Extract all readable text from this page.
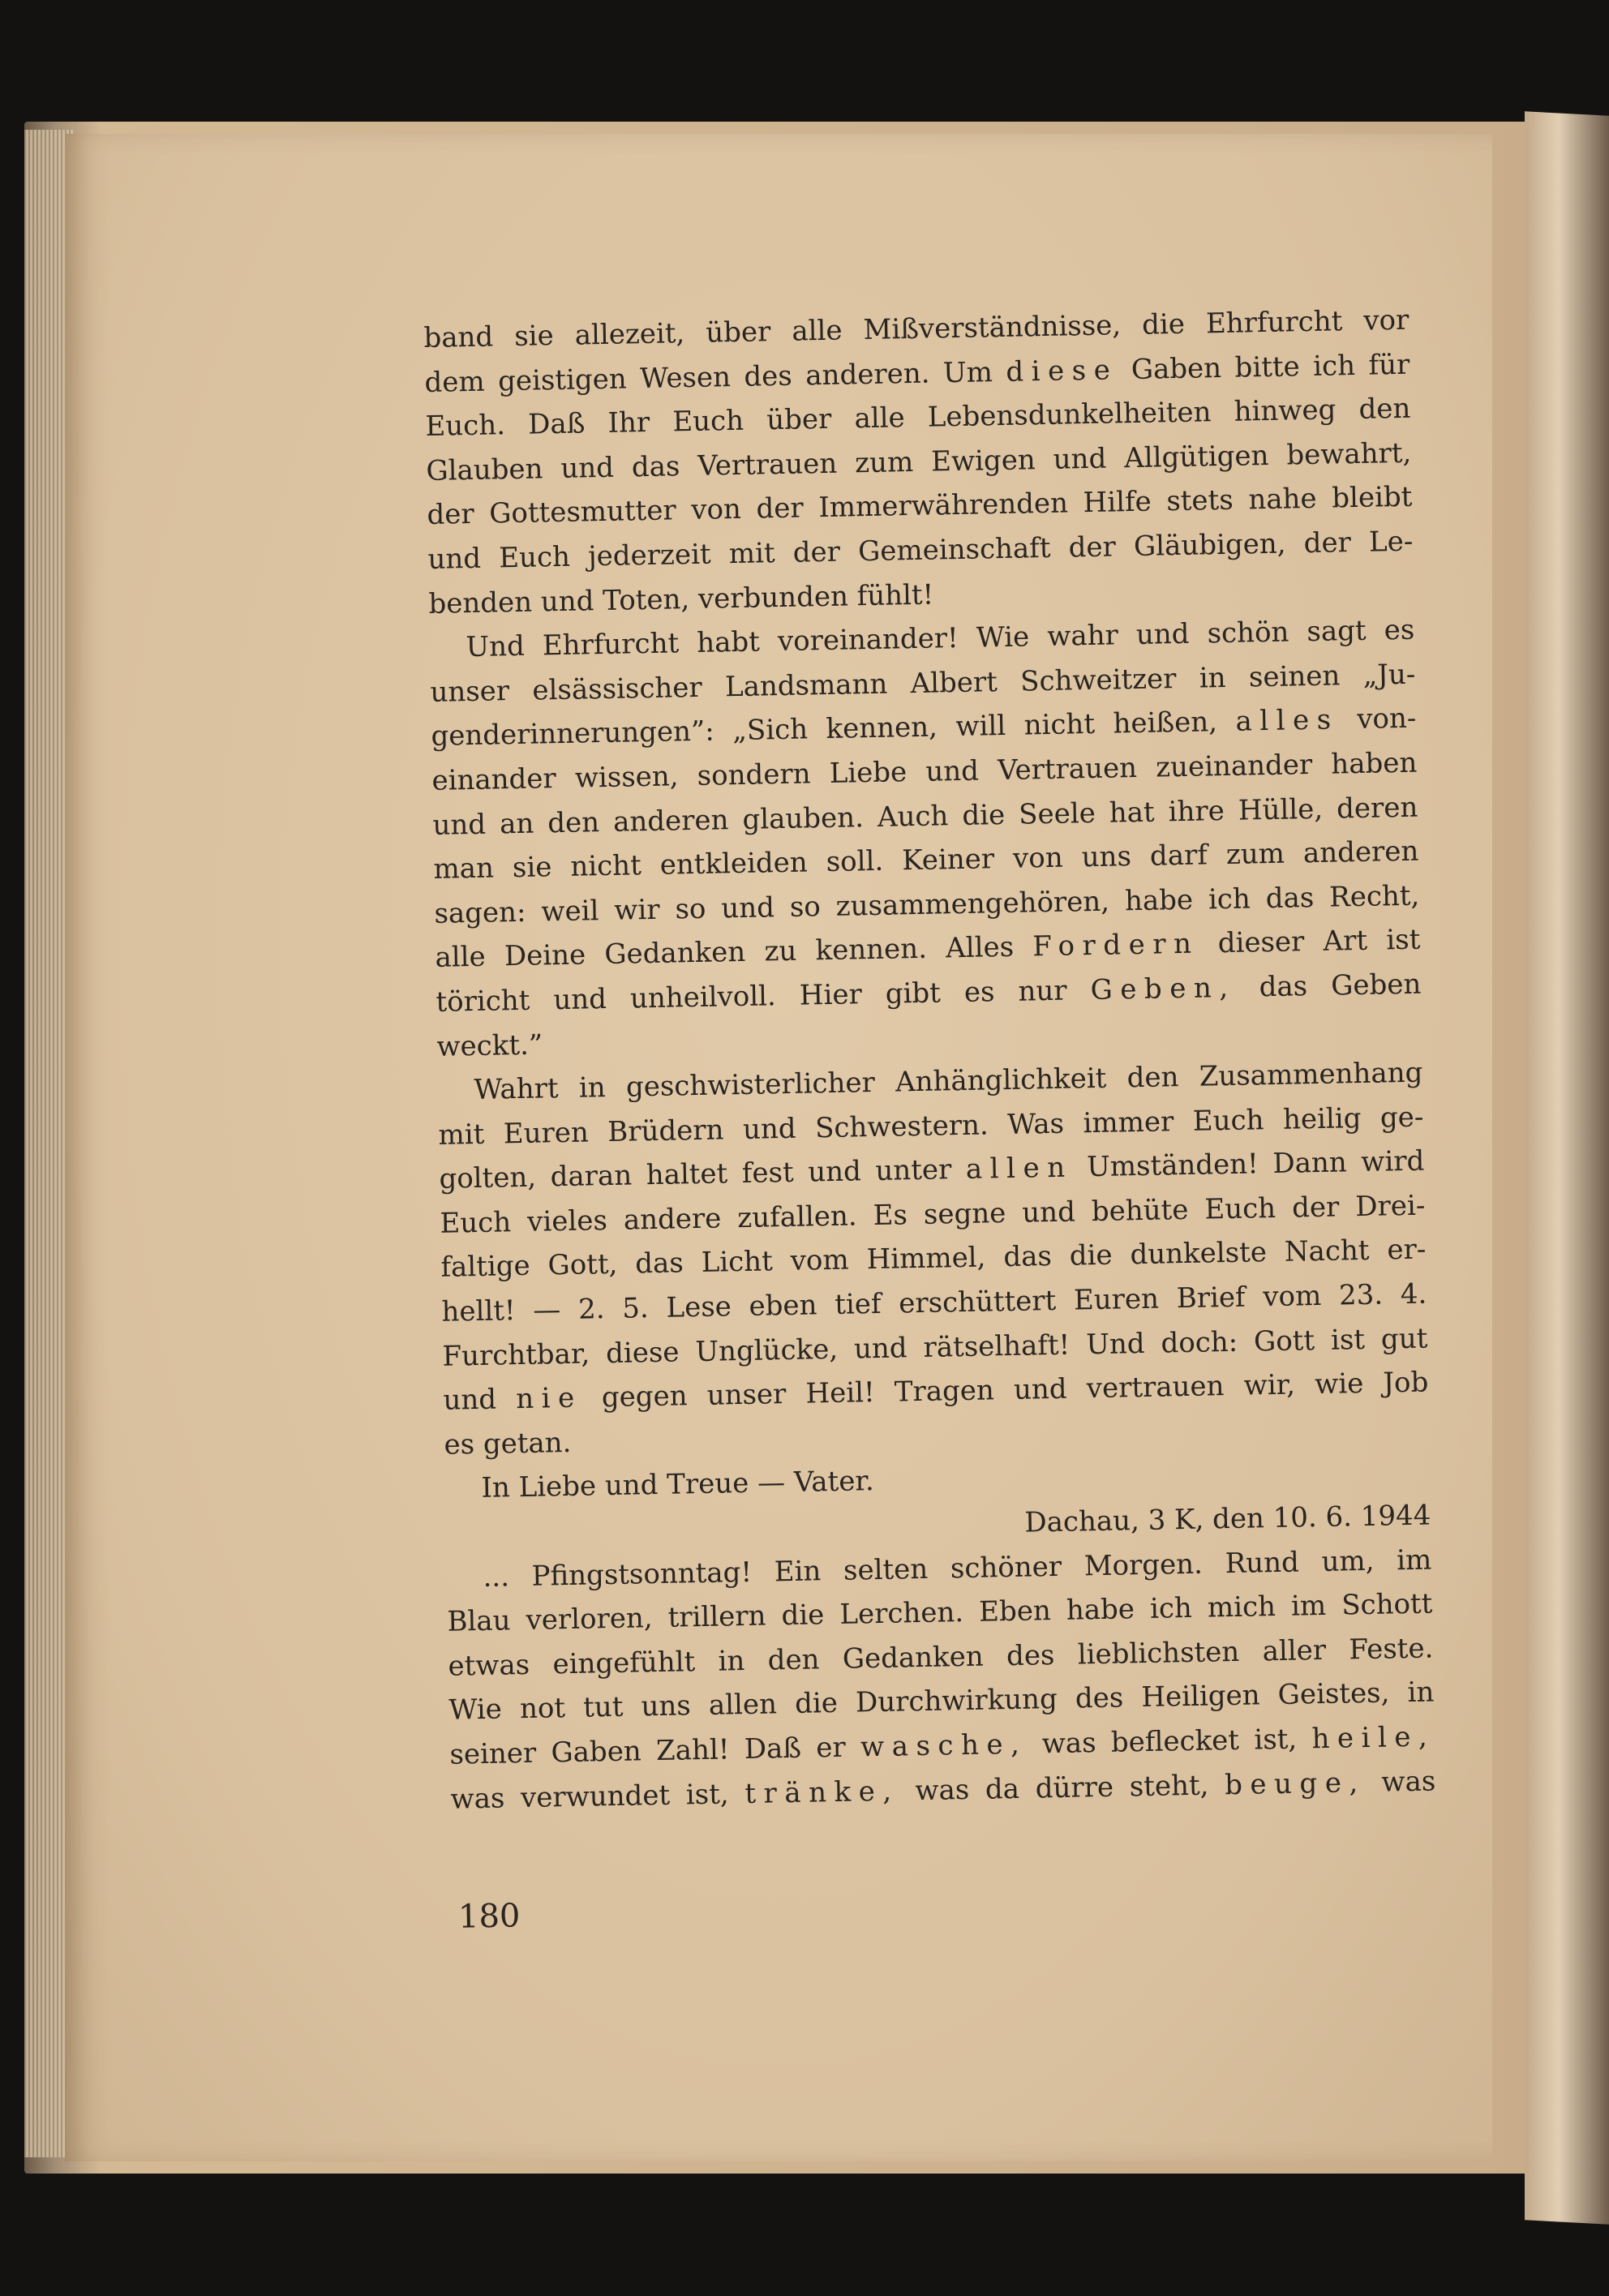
band sie allezeit, über alle Mißverständnisse, die Ehrfurcht vor
dem geistigen Wesen des anderen. Um diese Gaben bitte ich für
Euch. Daß Ihr Euch über alle Lebensdunkelheiten hinweg den
Glauben und das Vertrauen zum Ewigen und Allgütigen bewahrt,
der Gottesmutter von der Immerwährenden Hilfe stets nahe bleibt
und Euch jederzeit mit der Gemeinschaft der Gläubigen, der Le-
benden und Toten, verbunden fühlt!
Und Ehrfurcht habt voreinander! Wie wahr und schön sagt es
unser elsässischer Landsmann Albert Schweitzer in seinen „Ju-
genderinnerungen”: „Sich kennen, will nicht heißen, alles von-
einander wissen, sondern Liebe und Vertrauen zueinander haben
und an den anderen glauben. Auch die Seele hat ihre Hülle, deren
man sie nicht entkleiden soll. Keiner von uns darf zum anderen
sagen: weil wir so und so zusammengehören, habe ich das Recht,
alle Deine Gedanken zu kennen. Alles Fordern dieser Art ist
töricht und unheilvoll. Hier gibt es nur Geben, das Geben
weckt.”
Wahrt in geschwisterlicher Anhänglichkeit den Zusammenhang
mit Euren Brüdern und Schwestern. Was immer Euch heilig ge-
golten, daran haltet fest und unter allen Umständen! Dann wird
Euch vieles andere zufallen. Es segne und behüte Euch der Drei-
faltige Gott, das Licht vom Himmel, das die dunkelste Nacht er-
hellt! — 2. 5. Lese eben tief erschüttert Euren Brief vom 23. 4.
Furchtbar, diese Unglücke, und rätselhaft! Und doch: Gott ist gut
und nie gegen unser Heil! Tragen und vertrauen wir, wie Job
es getan.
In Liebe und Treue — Vater.
Dachau, 3 K, den 10. 6. 1944
... Pfingstsonntag! Ein selten schöner Morgen. Rund um, im
Blau verloren, trillern die Lerchen. Eben habe ich mich im Schott
etwas eingefühlt in den Gedanken des lieblichsten aller Feste.
Wie not tut uns allen die Durchwirkung des Heiligen Geistes, in
seiner Gaben Zahl! Daß er wasche, was beflecket ist, heile,
was verwundet ist, tränke, was da dürre steht, beuge, was
180
